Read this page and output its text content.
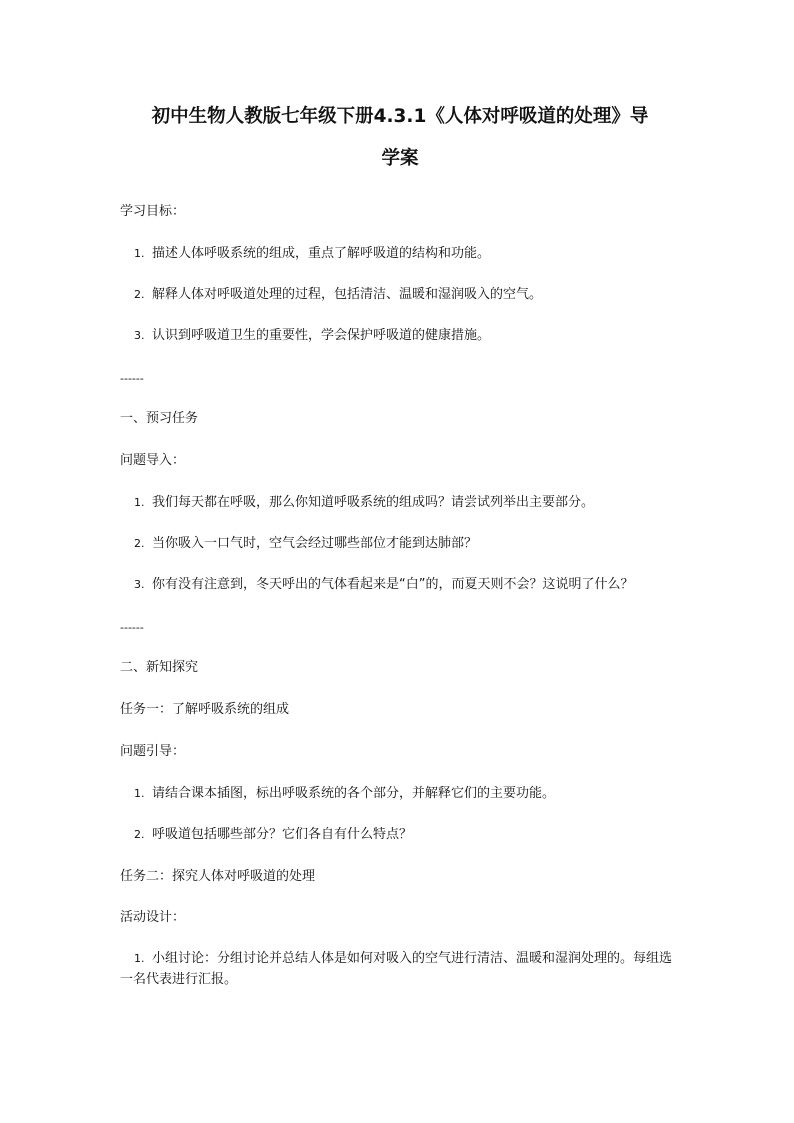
初中生物人教版七年级下册4.3.1《人体对呼吸道的处理》导
学案

学习目标：

1. 描述人体呼吸系统的组成，重点了解呼吸道的结构和功能。

2. 解释人体对呼吸道处理的过程，包括清洁、温暖和湿润吸入的空气。

3. 认识到呼吸道卫生的重要性，学会保护呼吸道的健康措施。

------

一、预习任务

问题导入：

1. 我们每天都在呼吸，那么你知道呼吸系统的组成吗？请尝试列举出主要部分。

2. 当你吸入一口气时，空气会经过哪些部位才能到达肺部？

3. 你有没有注意到，冬天呼出的气体看起来是“白”的，而夏天则不会？这说明了什么？

------

二、新知探究

任务一：了解呼吸系统的组成

问题引导：

1. 请结合课本插图，标出呼吸系统的各个部分，并解释它们的主要功能。

2. 呼吸道包括哪些部分？它们各自有什么特点？

任务二：探究人体对呼吸道的处理

活动设计：

1. 小组讨论：分组讨论并总结人体是如何对吸入的空气进行清洁、温暖和湿润处理的。每组选一名代表进行汇报。
